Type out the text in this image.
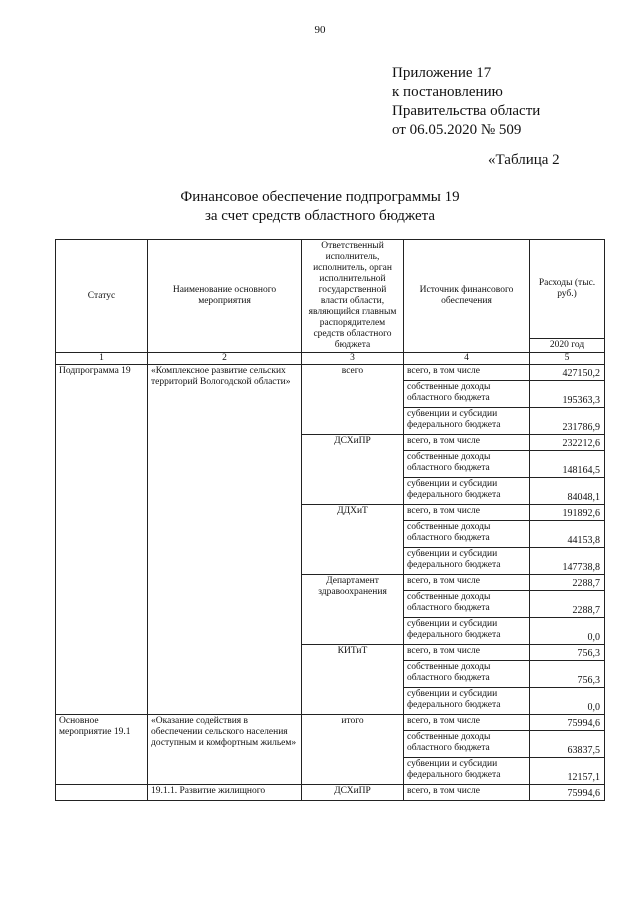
90
Приложение 17
к постановлению
Правительства области
от 06.05.2020 № 509
«Таблица 2
Финансовое обеспечение подпрограммы 19
за счет средств областного бюджета
Статус	Наименование основного мероприятия	Ответственный исполнитель, исполнитель, орган исполнительной государственной власти области, являющийся главным распорядителем средств областного бюджета	Источник финансового обеспечения	Расходы (тыс. руб.)
				2020 год
1	2	3	4	5
Подпрограмма 19	«Комплексное развитие сельских территорий Вологодской области»	всего	всего, в том числе	427150,2
			собственные доходы областного бюджета	195363,3
			субвенции и субсидии федерального бюджета	231786,9
		ДСХиПР	всего, в том числе	232212,6
			собственные доходы областного бюджета	148164,5
			субвенции и субсидии федерального бюджета	84048,1
		ДДХиТ	всего, в том числе	191892,6
			собственные доходы областного бюджета	44153,8
			субвенции и субсидии федерального бюджета	147738,8
		Департамент здравоохранения	всего, в том числе	2288,7
			собственные доходы областного бюджета	2288,7
			субвенции и субсидии федерального бюджета	0,0
		КИТиТ	всего, в том числе	756,3
			собственные доходы областного бюджета	756,3
			субвенции и субсидии федерального бюджета	0,0
Основное мероприятие 19.1	«Оказание содействия в обеспечении сельского населения доступным и комфортным жильем»	итого	всего, в том числе	75994,6
			собственные доходы областного бюджета	63837,5
			субвенции и субсидии федерального бюджета	12157,1
	19.1.1. Развитие жилищного	ДСХиПР	всего, в том числе	75994,6
